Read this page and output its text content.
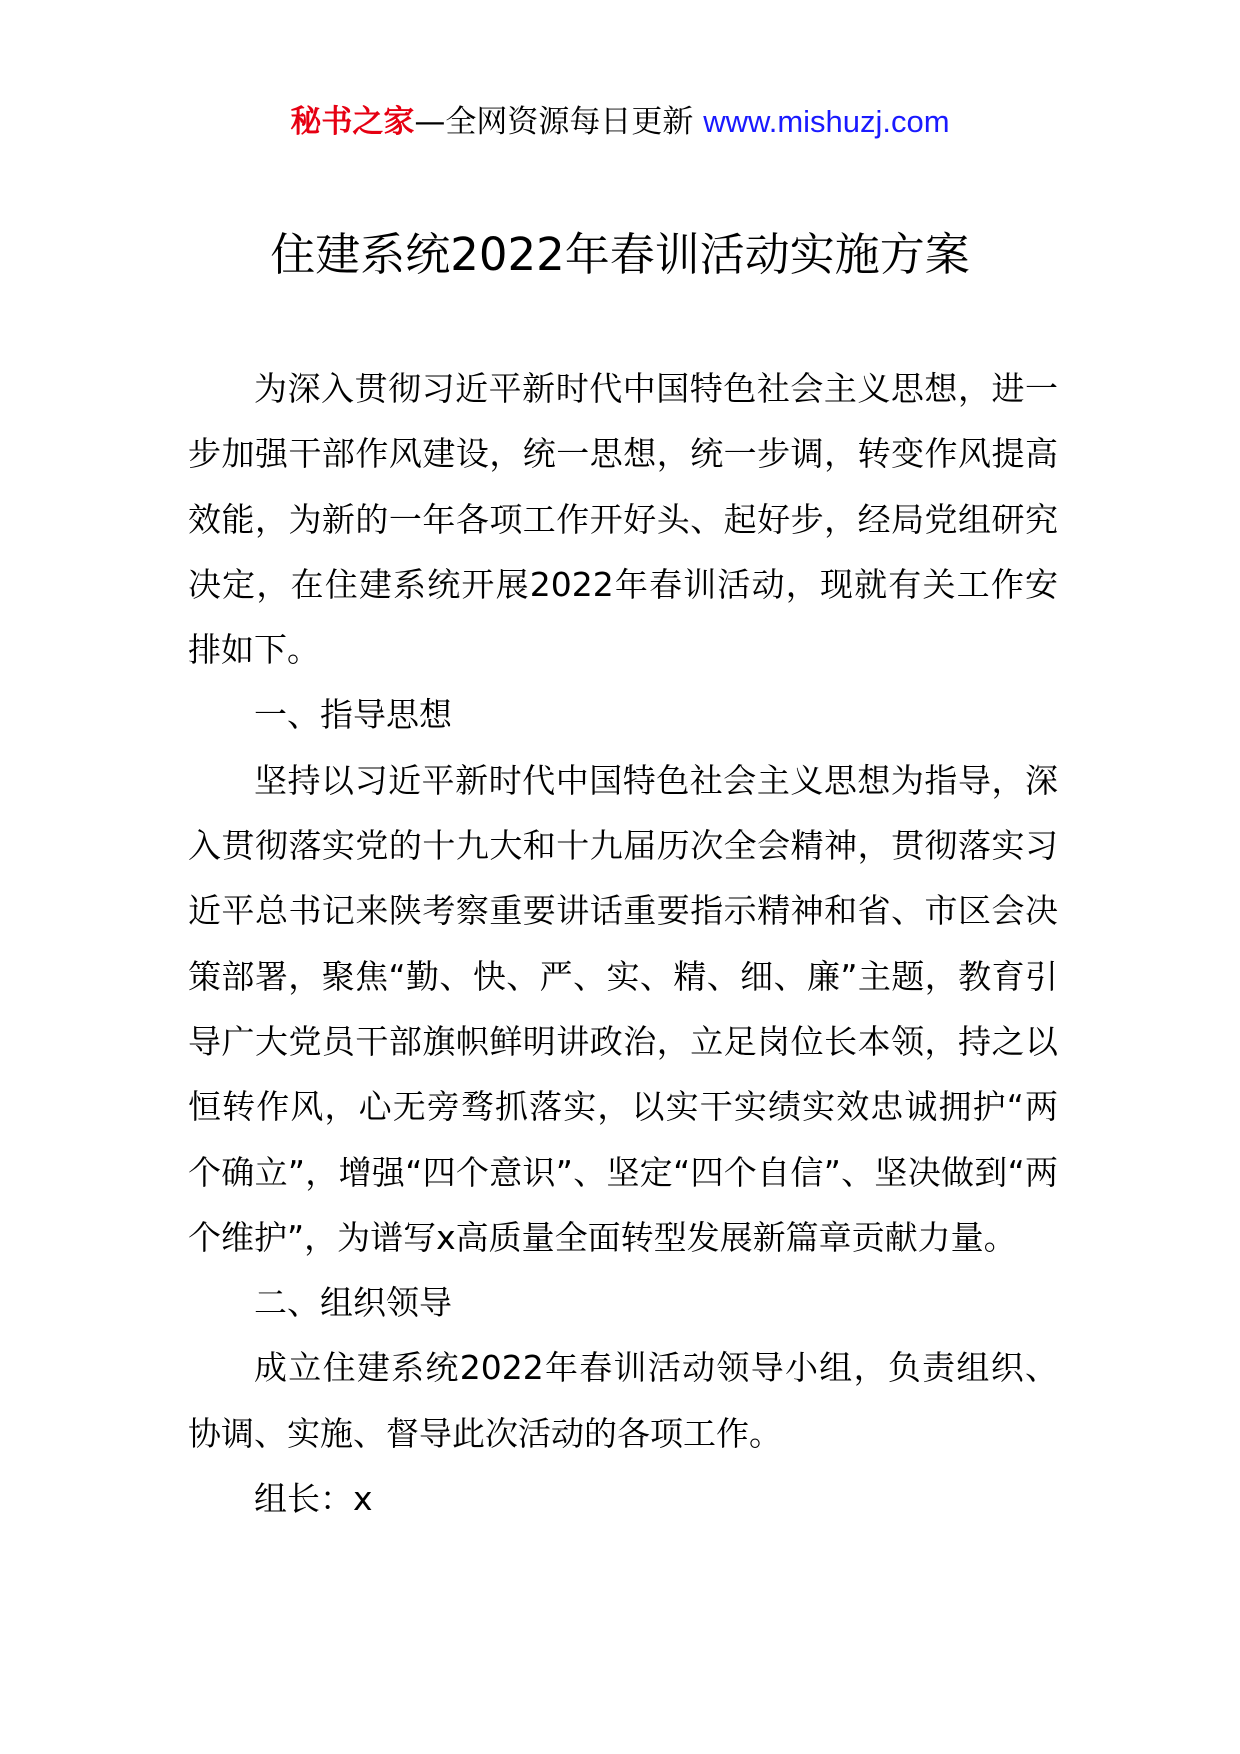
秘书之家—全网资源每日更新 www.mishuzj.com
住建系统2022年春训活动实施方案

为深入贯彻习近平新时代中国特色社会主义思想，进一步加强干部作风建设，统一思想，统一步调，转变作风提高效能，为新的一年各项工作开好头、起好步，经局党组研究决定，在住建系统开展2022年春训活动，现就有关工作安排如下。

一、指导思想

坚持以习近平新时代中国特色社会主义思想为指导，深入贯彻落实党的十九大和十九届历次全会精神，贯彻落实习近平总书记来陕考察重要讲话重要指示精神和省、市区会决策部署，聚焦“勤、快、严、实、精、细、廉”主题，教育引导广大党员干部旗帜鲜明讲政治，立足岗位长本领，持之以恒转作风，心无旁骛抓落实，以实干实绩实效忠诚拥护“两个确立”，增强“四个意识”、坚定“四个自信”、坚决做到“两个维护”，为谱写x高质量全面转型发展新篇章贡献力量。

二、组织领导

成立住建系统2022年春训活动领导小组，负责组织、协调、实施、督导此次活动的各项工作。

组长：x
